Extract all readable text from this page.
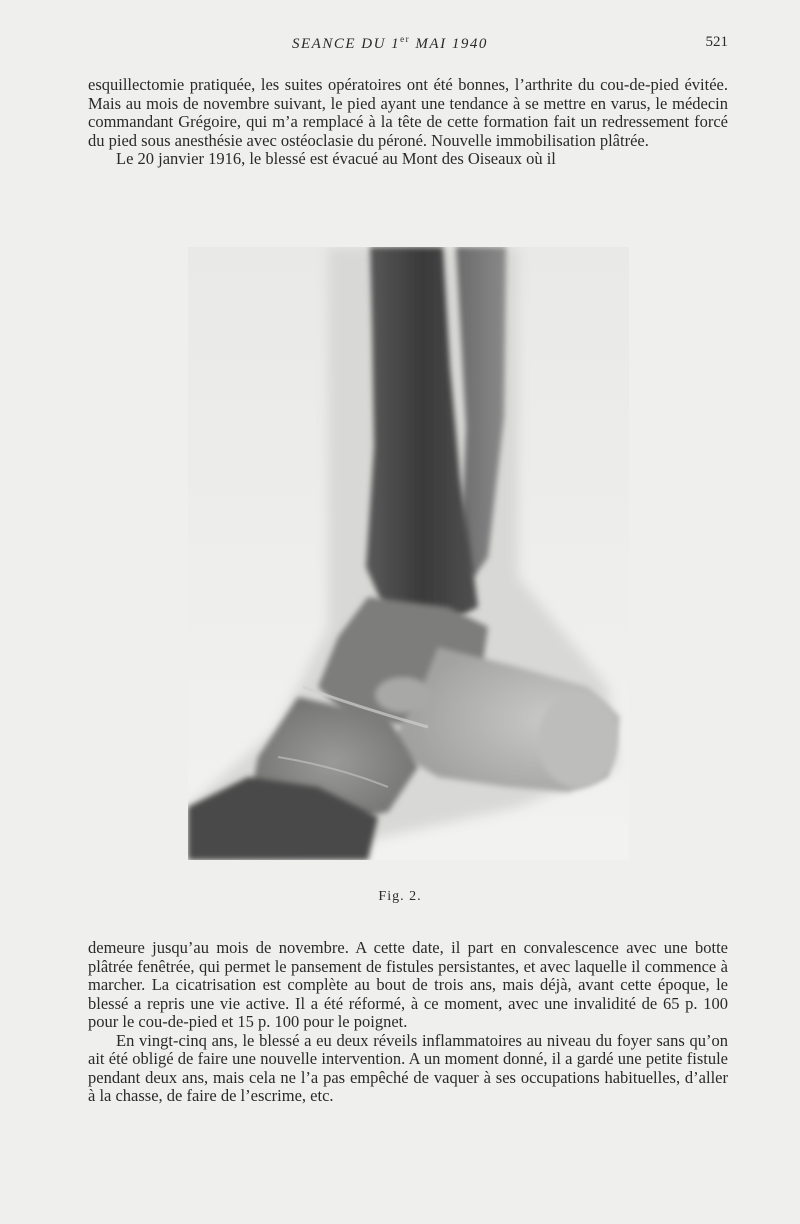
SEANCE DU 1er MAI 1940	521

esquillectomie pratiquée, les suites opératoires ont été bonnes, l’arthrite du cou-de-pied évitée. Mais au mois de novembre suivant, le pied ayant une tendance à se mettre en varus, le médecin commandant Grégoire, qui m’a remplacé à la tête de cette formation fait un redressement forcé du pied sous anesthésie avec ostéoclasie du péroné. Nouvelle immobilisation plâtrée.

Le 20 janvier 1916, le blessé est évacué au Mont des Oiseaux où il

Fig. 2.

demeure jusqu’au mois de novembre. A cette date, il part en convalescence avec une botte plâtrée fenêtrée, qui permet le pansement de fistules persistantes, et avec laquelle il commence à marcher. La cicatrisation est complète au bout de trois ans, mais déjà, avant cette époque, le blessé a repris une vie active. Il a été réformé, à ce moment, avec une invalidité de 65 p. 100 pour le cou-de-pied et 15 p. 100 pour le poignet.

En vingt-cinq ans, le blessé a eu deux réveils inflammatoires au niveau du foyer sans qu’on ait été obligé de faire une nouvelle intervention. A un moment donné, il a gardé une petite fistule pendant deux ans, mais cela ne l’a pas empêché de vaquer à ses occupations habituelles, d’aller à la chasse, de faire de l’escrime, etc.
